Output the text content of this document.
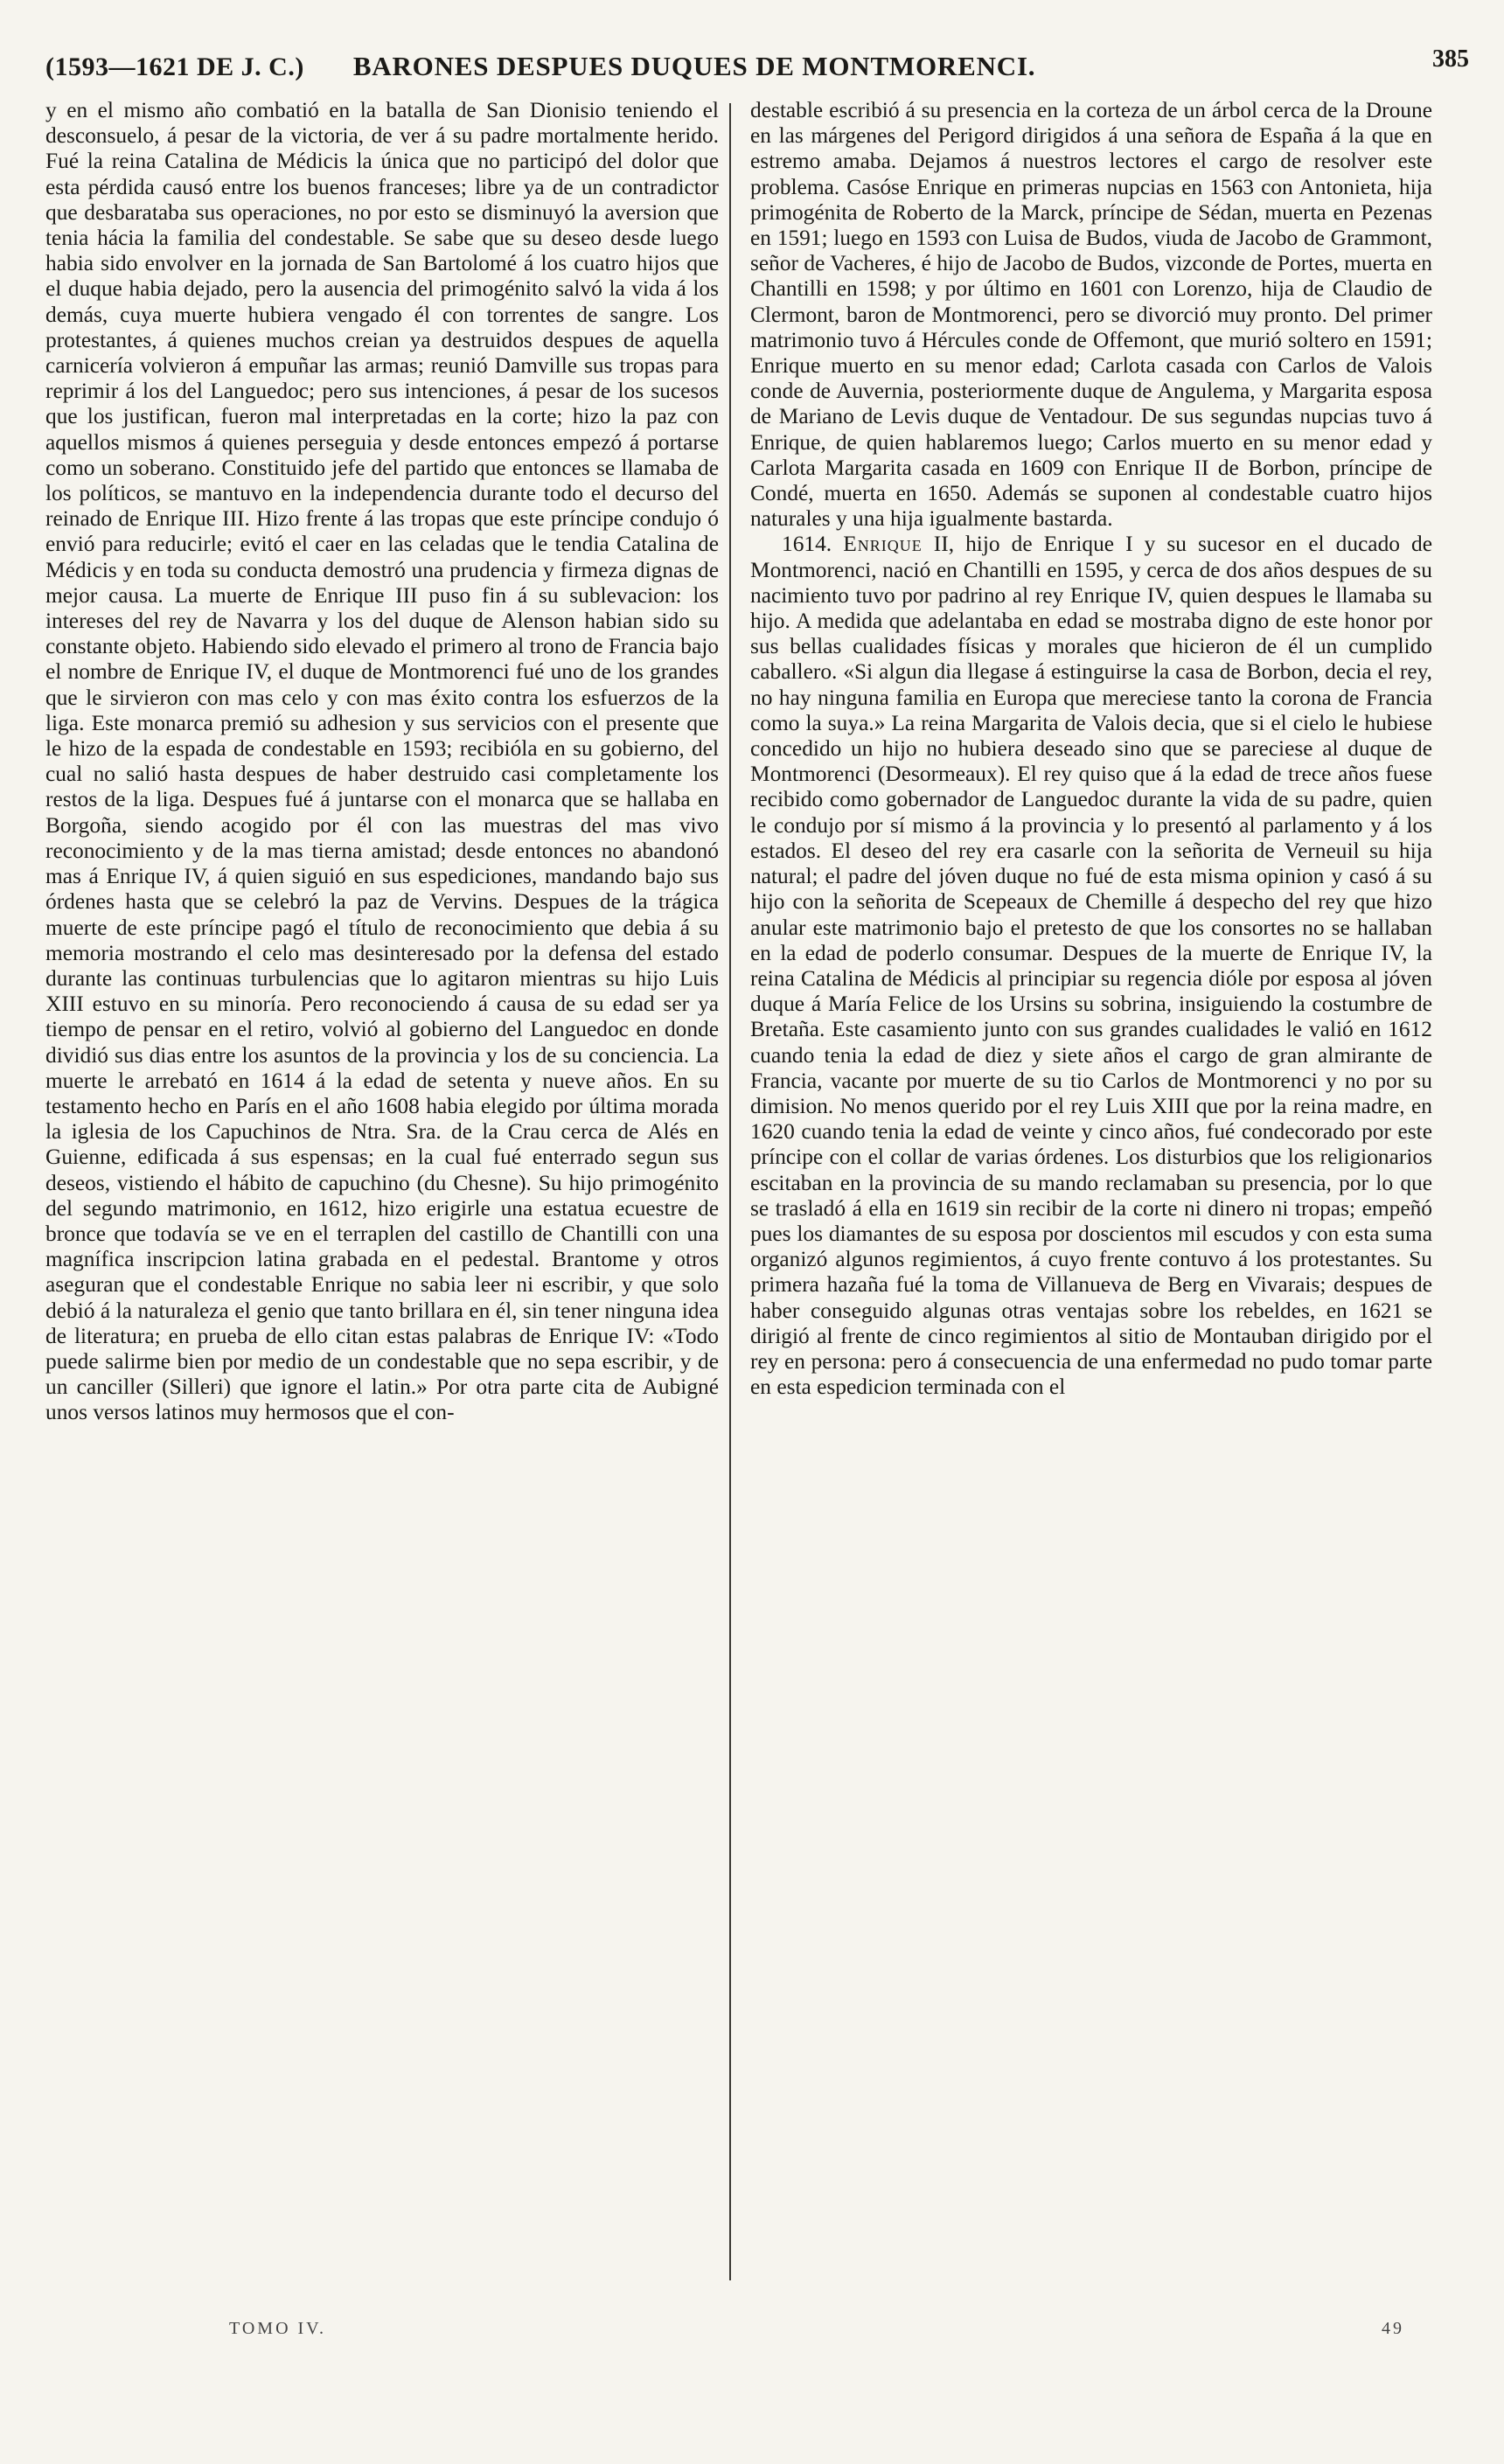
(1593—1621 DE J. C.) BARONES DESPUES DUQUES DE MONTMORENCI.	385

y en el mismo año combatió en la batalla de San Dionisio teniendo el desconsuelo, á pesar de la victoria, de ver á su padre mortalmente herido. Fué la reina Catalina de Médicis la única que no participó del dolor que esta pérdida causó entre los buenos franceses; libre ya de un contradictor que desbarataba sus operaciones, no por esto se disminuyó la aversion que tenia hácia la familia del condestable. Se sabe que su deseo desde luego habia sido envolver en la jornada de San Bartolomé á los cuatro hijos que el duque habia dejado, pero la ausencia del primogénito salvó la vida á los demás, cuya muerte hubiera vengado él con torrentes de sangre. Los protestantes, á quienes muchos creian ya destruidos despues de aquella carnicería volvieron á empuñar las armas; reunió Damville sus tropas para reprimir á los del Languedoc; pero sus intenciones, á pesar de los sucesos que los justifican, fueron mal interpretadas en la corte; hizo la paz con aquellos mismos á quienes perseguia y desde entonces empezó á portarse como un soberano. Constituido jefe del partido que entonces se llamaba de los políticos, se mantuvo en la independencia durante todo el decurso del reinado de Enrique III. Hizo frente á las tropas que este príncipe condujo ó envió para reducirle; evitó el caer en las celadas que le tendia Catalina de Médicis y en toda su conducta demostró una prudencia y firmeza dignas de mejor causa. La muerte de Enrique III puso fin á su sublevacion: los intereses del rey de Navarra y los del duque de Alenson habian sido su constante objeto. Habiendo sido elevado el primero al trono de Francia bajo el nombre de Enrique IV, el duque de Montmorenci fué uno de los grandes que le sirvieron con mas celo y con mas éxito contra los esfuerzos de la liga. Este monarca premió su adhesion y sus servicios con el presente que le hizo de la espada de condestable en 1593; recibióla en su gobierno, del cual no salió hasta despues de haber destruido casi completamente los restos de la liga. Despues fué á juntarse con el monarca que se hallaba en Borgoña, siendo acogido por él con las muestras del mas vivo reconocimiento y de la mas tierna amistad; desde entonces no abandonó mas á Enrique IV, á quien siguió en sus espediciones, mandando bajo sus órdenes hasta que se celebró la paz de Vervins. Despues de la trágica muerte de este príncipe pagó el título de reconocimiento que debia á su memoria mostrando el celo mas desinteresado por la defensa del estado durante las continuas turbulencias que lo agitaron mientras su hijo Luis XIII estuvo en su minoría. Pero reconociendo á causa de su edad ser ya tiempo de pensar en el retiro, volvió al gobierno del Languedoc en donde dividió sus dias entre los asuntos de la provincia y los de su conciencia. La muerte le arrebató en 1614 á la edad de setenta y nueve años. En su testamento hecho en París en el año 1608 habia elegido por última morada la iglesia de los Capuchinos de Ntra. Sra. de la Crau cerca de Alés en Guienne, edificada á sus espensas; en la cual fué enterrado segun sus deseos, vistiendo el hábito de capuchino (du Chesne). Su hijo primogénito del segundo matrimonio, en 1612, hizo erigirle una estatua ecuestre de bronce que todavía se ve en el terraplen del castillo de Chantilli con una magnífica inscripcion latina grabada en el pedestal. Brantome y otros aseguran que el condestable Enrique no sabia leer ni escribir, y que solo debió á la naturaleza el genio que tanto brillara en él, sin tener ninguna idea de literatura; en prueba de ello citan estas palabras de Enrique IV: «Todo puede salirme bien por medio de un condestable que no sepa escribir, y de un canciller (Silleri) que ignore el latin.» Por otra parte cita de Aubigné unos versos latinos muy hermosos que el con-

destable escribió á su presencia en la corteza de un árbol cerca de la Droune en las márgenes del Perigord dirigidos á una señora de España á la que en estremo amaba. Dejamos á nuestros lectores el cargo de resolver este problema. Casóse Enrique en primeras nupcias en 1563 con Antonieta, hija primogénita de Roberto de la Marck, príncipe de Sédan, muerta en Pezenas en 1591; luego en 1593 con Luisa de Budos, viuda de Jacobo de Grammont, señor de Vacheres, é hijo de Jacobo de Budos, vizconde de Portes, muerta en Chantilli en 1598; y por último en 1601 con Lorenzo, hija de Claudio de Clermont, baron de Montmorenci, pero se divorció muy pronto. Del primer matrimonio tuvo á Hércules conde de Offemont, que murió soltero en 1591; Enrique muerto en su menor edad; Carlota casada con Carlos de Valois conde de Auvernia, posteriormente duque de Angulema, y Margarita esposa de Mariano de Levis duque de Ventadour. De sus segundas nupcias tuvo á Enrique, de quien hablaremos luego; Carlos muerto en su menor edad y Carlota Margarita casada en 1609 con Enrique II de Borbon, príncipe de Condé, muerta en 1650. Además se suponen al condestable cuatro hijos naturales y una hija igualmente bastarda.

1614. Enrique II, hijo de Enrique I y su sucesor en el ducado de Montmorenci, nació en Chantilli en 1595, y cerca de dos años despues de su nacimiento tuvo por padrino al rey Enrique IV, quien despues le llamaba su hijo. A medida que adelantaba en edad se mostraba digno de este honor por sus bellas cualidades físicas y morales que hicieron de él un cumplido caballero. «Si algun dia llegase á estinguirse la casa de Borbon, decia el rey, no hay ninguna familia en Europa que mereciese tanto la corona de Francia como la suya.» La reina Margarita de Valois decia, que si el cielo le hubiese concedido un hijo no hubiera deseado sino que se pareciese al duque de Montmorenci (Desormeaux). El rey quiso que á la edad de trece años fuese recibido como gobernador de Languedoc durante la vida de su padre, quien le condujo por sí mismo á la provincia y lo presentó al parlamento y á los estados. El deseo del rey era casarle con la señorita de Verneuil su hija natural; el padre del jóven duque no fué de esta misma opinion y casó á su hijo con la señorita de Scepeaux de Chemille á despecho del rey que hizo anular este matrimonio bajo el pretesto de que los consortes no se hallaban en la edad de poderlo consumar. Despues de la muerte de Enrique IV, la reina Catalina de Médicis al principiar su regencia dióle por esposa al jóven duque á María Felice de los Ursins su sobrina, insiguiendo la costumbre de Bretaña. Este casamiento junto con sus grandes cualidades le valió en 1612 cuando tenia la edad de diez y siete años el cargo de gran almirante de Francia, vacante por muerte de su tio Carlos de Montmorenci y no por su dimision. No menos querido por el rey Luis XIII que por la reina madre, en 1620 cuando tenia la edad de veinte y cinco años, fué condecorado por este príncipe con el collar de varias órdenes. Los disturbios que los religionarios escitaban en la provincia de su mando reclamaban su presencia, por lo que se trasladó á ella en 1619 sin recibir de la corte ni dinero ni tropas; empeñó pues los diamantes de su esposa por doscientos mil escudos y con esta suma organizó algunos regimientos, á cuyo frente contuvo á los protestantes. Su primera hazaña fué la toma de Villanueva de Berg en Vivarais; despues de haber conseguido algunas otras ventajas sobre los rebeldes, en 1621 se dirigió al frente de cinco regimientos al sitio de Montauban dirigido por el rey en persona: pero á consecuencia de una enfermedad no pudo tomar parte en esta espedicion terminada con el

TOMO IV.	49
